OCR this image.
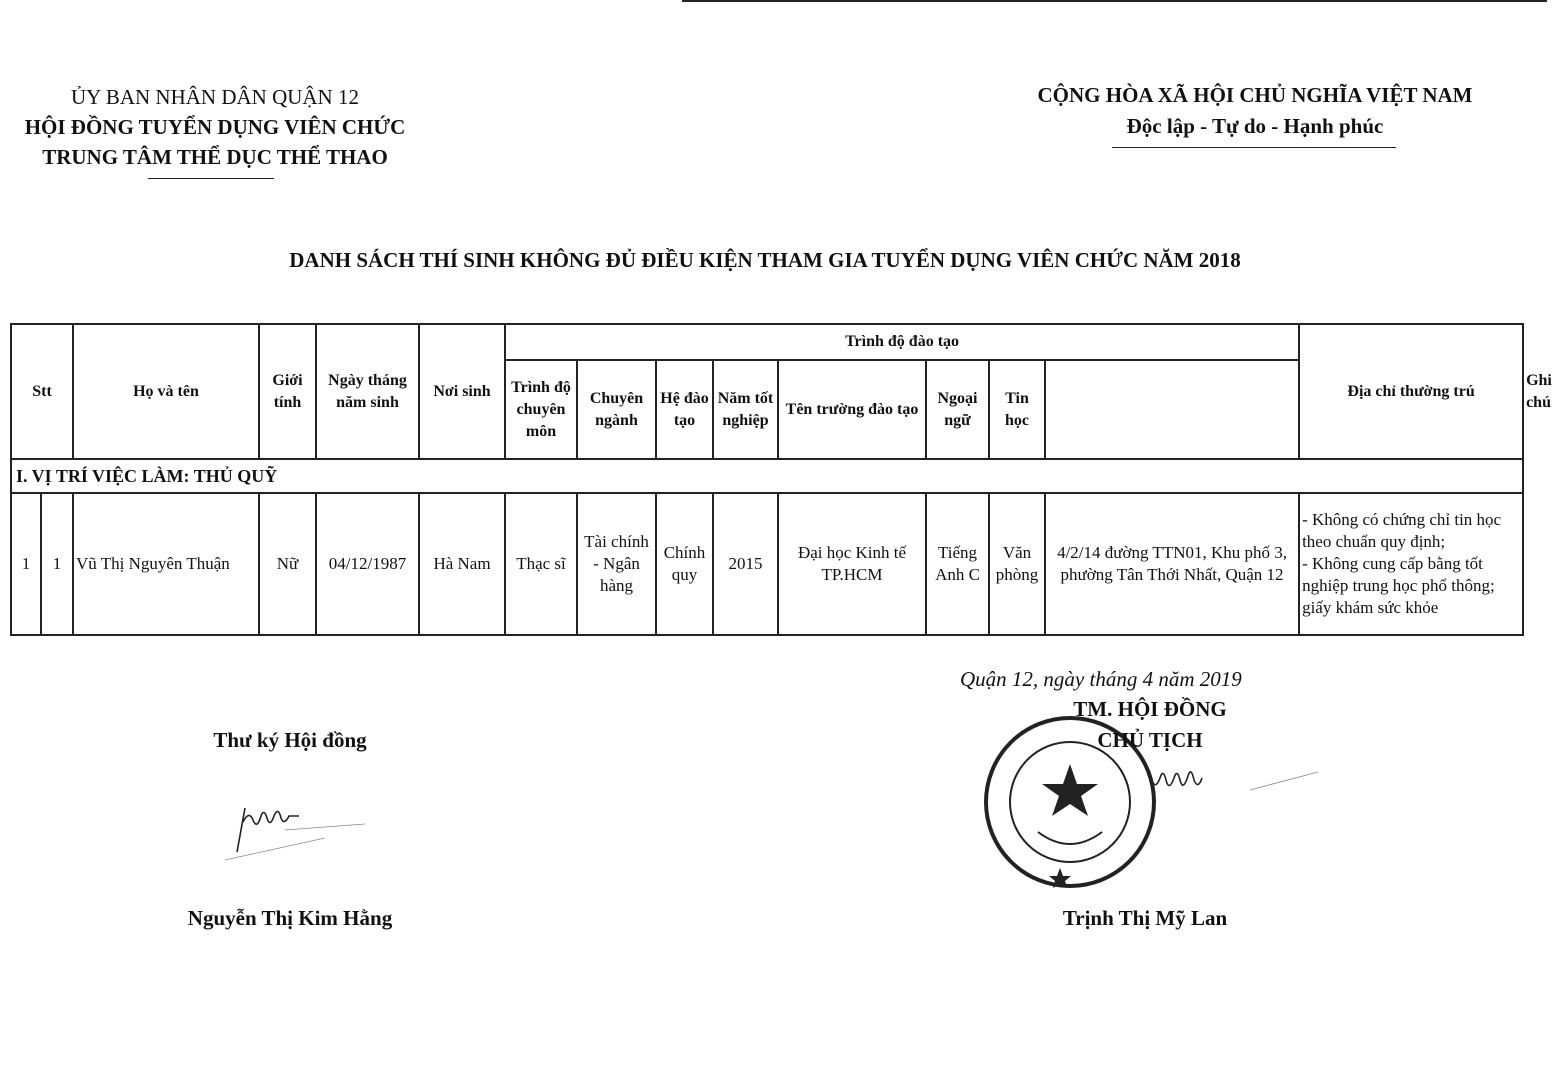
ỦY BAN NHÂN DÂN QUẬN 12
HỘI ĐỒNG TUYỂN DỤNG VIÊN CHỨC
TRUNG TÂM THỂ DỤC THỂ THAO
CỘNG HÒA XÃ HỘI CHỦ NGHĨA VIỆT NAM
Độc lập - Tự do - Hạnh phúc
DANH SÁCH THÍ SINH KHÔNG ĐỦ ĐIỀU KIỆN THAM GIA TUYỂN DỤNG VIÊN CHỨC NĂM 2018
Stt		Họ và tên	Giới tính	Ngày tháng năm sinh	Nơi sinh	Trình độ đào tạo								Địa chỉ thường trú	Ghi chú
						Trình độ chuyên môn	Chuyên ngành	Hệ đào tạo	Năm tốt nghiệp	Tên trường đào tạo	Ngoại ngữ	Tin học			
I. VỊ TRÍ VIỆC LÀM: THỦ QUỸ															
1	1	Vũ Thị Nguyên Thuận	Nữ	04/12/1987	Hà Nam	Thạc sĩ	Tài chính - Ngân hàng	Chính quy	2015	Đại học Kinh tế TP.HCM	Tiếng Anh C	Văn phòng	4/2/14 đường TTN01, Khu phố 3, phường Tân Thới Nhất, Quận 12	- Không có chứng chỉ tin học theo chuẩn quy định;
- Không cung cấp bằng tốt nghiệp trung học phổ thông; giấy khám sức khỏe	
Quận 12, ngày tháng 4 năm 2019
Thư ký Hội đồng
Nguyễn Thị Kim Hằng
TM. HỘI ĐỒNG
CHỦ TỊCH
Trịnh Thị Mỹ Lan
